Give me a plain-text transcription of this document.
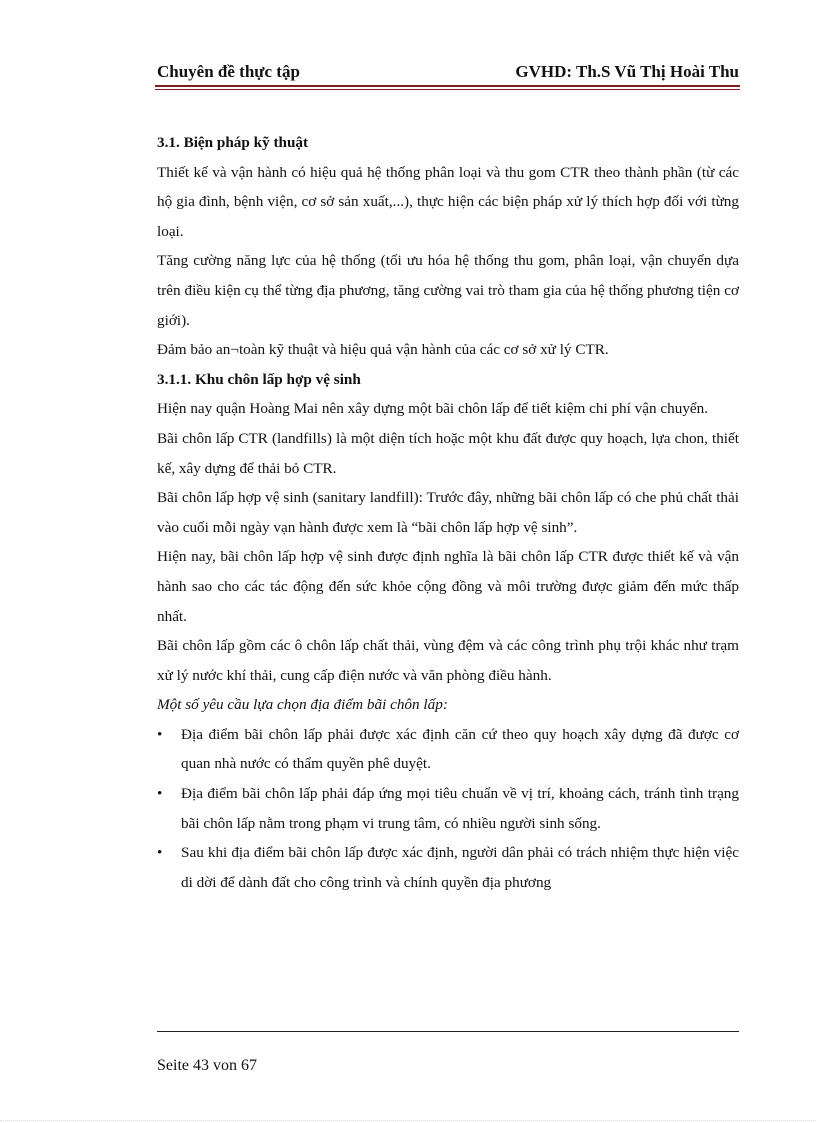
Chuyên đề thực tập	GVHD: Th.S Vũ Thị Hoài Thu
3.1. Biện pháp kỹ thuật

Thiết kế và vận hành có hiệu quả hệ thống phân loại và thu gom CTR theo thành phần (từ các hộ gia đình, bệnh viện, cơ sở sản xuất,...), thực hiện các biện pháp xử lý thích hợp đối với từng loại.

Tăng cường năng lực của hệ thống (tối ưu hóa hệ thống thu gom, phân loại, vận chuyển dựa trên điều kiện cụ thể từng địa phương, tăng cường vai trò tham gia của hệ thống phương tiện cơ giới).

Đảm bảo an¬toàn kỹ thuật và hiệu quả vận hành của các cơ sở xử lý CTR.

3.1.1. Khu chôn lấp hợp vệ sinh

Hiện nay quận Hoàng Mai nên xây dựng một bãi chôn lấp để tiết kiệm chi phí vận chuyển.

Bãi chôn lấp CTR (landfills) là một diện tích hoặc một khu đất được quy hoạch, lựa chon, thiết kế, xây dựng để thải bỏ CTR.

Bãi chôn lấp hợp vệ sinh (sanitary landfill): Trước đây, những bãi chôn lấp có che phủ chất thải vào cuối mỗi ngày vạn hành được xem là “bãi chôn lấp hợp vệ sinh”.

Hiện nay, bãi chôn lấp hợp vệ sinh được định nghĩa là bãi chôn lấp CTR được thiết kế và vận hành sao cho các tác động đến sức khỏe cộng đồng và môi trường được giảm đến mức thấp nhất.

Bãi chôn lấp gồm các ô chôn lấp chất thải, vùng đệm và các công trình phụ trội khác như trạm xử lý nước khí thải, cung cấp điện nước và văn phòng điều hành.

Một số yêu cầu lựa chọn địa điểm bãi chôn lấp:

•	Địa điểm bãi chôn lấp phải được xác định căn cứ theo quy hoạch xây dựng đã được cơ quan nhà nước có thẩm quyền phê duyệt.
•	Địa điểm bãi chôn lấp phải đáp ứng mọi tiêu chuẩn về vị trí, khoảng cách, tránh tình trạng bãi chôn lấp nằm trong phạm vi trung tâm, có nhiều người sinh sống.
•	Sau khi địa điểm bãi chôn lấp được xác định, người dân phải có trách nhiệm thực hiện việc di dời để dành đất cho công trình và chính quyền địa phương
Seite 43 von 67
